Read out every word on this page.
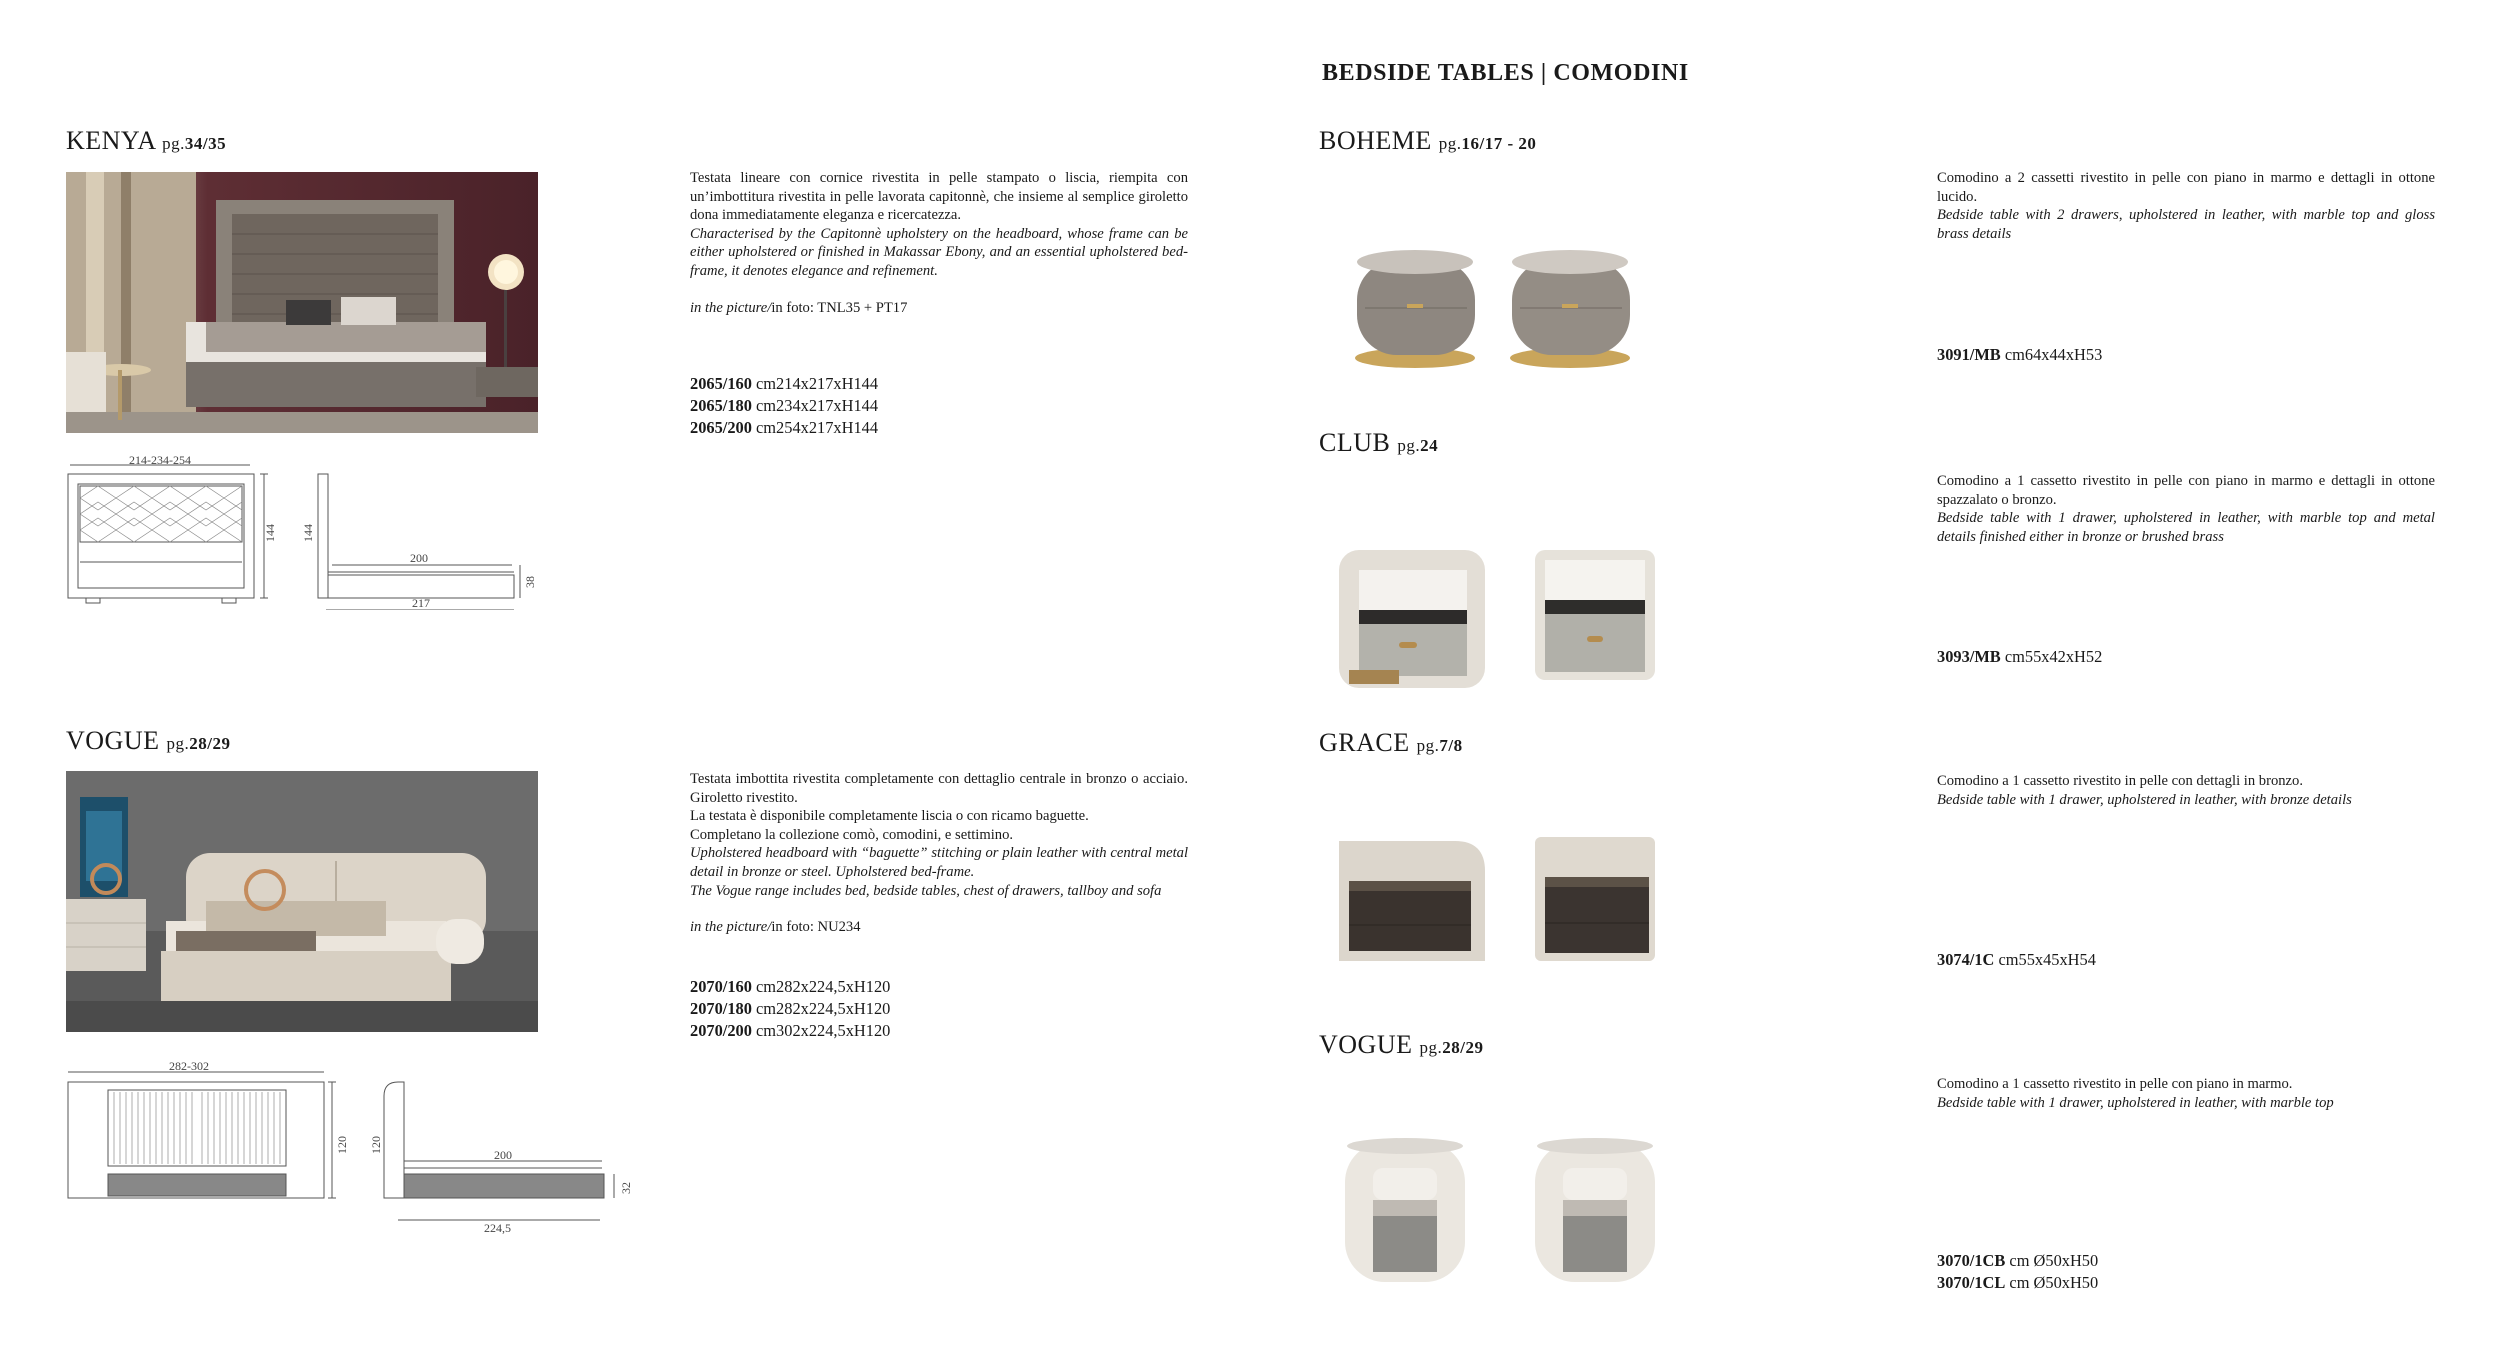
BEDSIDE TABLES | COMODINI
KENYA pg.34/35
214-234-254
144 144
200
217
38
Testata lineare con cornice rivestita in pelle stampato o liscia, riempita con un’imbottitura rivestita in pelle lavorata capitonnè, che insieme al semplice giroletto dona immediatamente eleganza e ricercatezza.
Characterised by the Capitonnè upholstery on the headboard, whose frame can be either upholstered or finished in Makassar Ebony, and an essential upholstered bed-frame, it denotes elegance and refinement.
in the picture/in foto: TNL35 + PT17
2065/160 cm214x217xH144
2065/180 cm234x217xH144
2065/200 cm254x217xH144
VOGUE pg.28/29
282-302
120 120
200
224,5
32
Testata imbottita rivestita completamente con dettaglio centrale in bronzo o acciaio. Giroletto rivestito.
La testata è disponibile completamente liscia o con ricamo baguette.
Completano la collezione comò, comodini, e settimino.
Upholstered headboard with “baguette” stitching or plain leather with central metal detail in bronze or steel. Upholstered bed-frame.
The Vogue range includes bed, bedside tables, chest of drawers, tallboy and sofa
in the picture/in foto: NU234
2070/160 cm282x224,5xH120
2070/180 cm282x224,5xH120
2070/200 cm302x224,5xH120
BOHEME pg.16/17 - 20
Comodino a 2 cassetti rivestito in pelle con piano in marmo e dettagli in ottone lucido.
Bedside table with 2 drawers, upholstered in leather, with marble top and gloss brass details
3091/MB cm64x44xH53
CLUB pg.24
Comodino a 1 cassetto rivestito in pelle con piano in marmo e dettagli in ottone spazzalato o bronzo.
Bedside table with 1 drawer, upholstered in leather, with marble top and metal details finished either in bronze or brushed brass
3093/MB cm55x42xH52
GRACE pg.7/8
Comodino a 1 cassetto rivestito in pelle con dettagli in bronzo.
Bedside table with 1 drawer, upholstered in leather, with bronze details
3074/1C cm55x45xH54
VOGUE pg.28/29
Comodino a 1 cassetto rivestito in pelle con piano in marmo.
Bedside table with 1 drawer, upholstered in leather, with marble top
3070/1CB cm Ø50xH50
3070/1CL cm Ø50xH50
